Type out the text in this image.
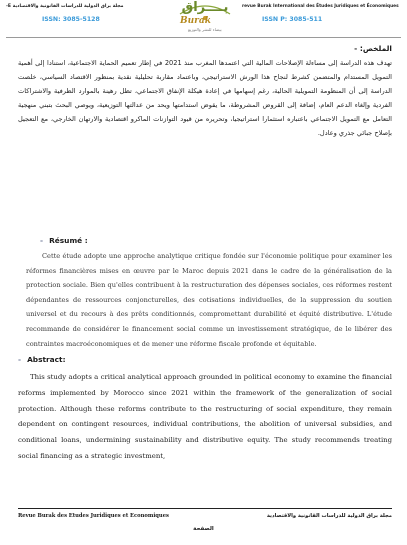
مجلة براق الدولية للدراسات القانونية والاقتصادية E-
ISSN: 3085-5128
بــــراق
Burak
بيضاء للنشر والتوزيع
revue Burak International des Études Juridiques et Économiques
ISSN P: 3085-511
الملخص: -
تهدف هذه الدراسة إلى مساءلة الإصلاحات المالية التي اعتمدها المغرب منذ 2021 في إطار تعميم الحماية الاجتماعية، استنادا إلى أهمية التمويل المستدام والمتضمن كشرط لنجاح هذا الورش الاستراتيجي، وباعتماد مقاربة تحليلية نقدية بمنظور الاقتصاد السياسي، خلصت الدراسة إلى أن المنظومة التمويلية الحالية، رغم إسهامها في إعادة هيكلة الإنفاق الاجتماعي، تظل رهينة بالموارد الظرفية والاشتراكات الفردية وإلغاء الدعم العام، إضافة إلى القروض المشروطة، ما يقوض استدامتها ويحد من عدالتها التوزيعية، ويوصي البحث بتبني منهجية التعامل مع التمويل الاجتماعي باعتباره استثمارا استراتيجيا، وتحريره من قيود التوازنات الماكرو اقتصادية والارتهان الخارجي، مع التعجيل بإصلاح جبائي جذري وعادل.
- Résumé :

Cette étude adopte une approche analytique critique fondée sur l'économie politique pour examiner les réformes financières mises en œuvre par le Maroc depuis 2021 dans le cadre de la généralisation de la protection sociale. Bien qu'elles contribuent à la restructuration des dépenses sociales, ces réformes restent dépendantes de ressources conjoncturelles, des cotisations individuelles, de la suppression du soutien universel et du recours à des prêts conditionnés, compromettant durabilité et équité distributive. L'étude recommande de considérer le financement social comme un investissement stratégique, de le libérer des contraintes macroéconomiques et de mener une réforme fiscale profonde et équitable.

- Abstract:

This study adopts a critical analytical approach grounded in political economy to examine the financial reforms implemented by Morocco since 2021 within the framework of the generalization of social protection. Although these reforms contribute to the restructuring of social expenditure, they remain dependent on contingent resources, individual contributions, the abolition of universal subsidies, and conditional loans, undermining sustainability and distributive equity. The study recommends treating social financing as a strategic investment,

Revue Burak des Etudes Juridiques et Economiques	مجلة براق الدولية للدراسات القانونية والاقتصادية
الصفحة
